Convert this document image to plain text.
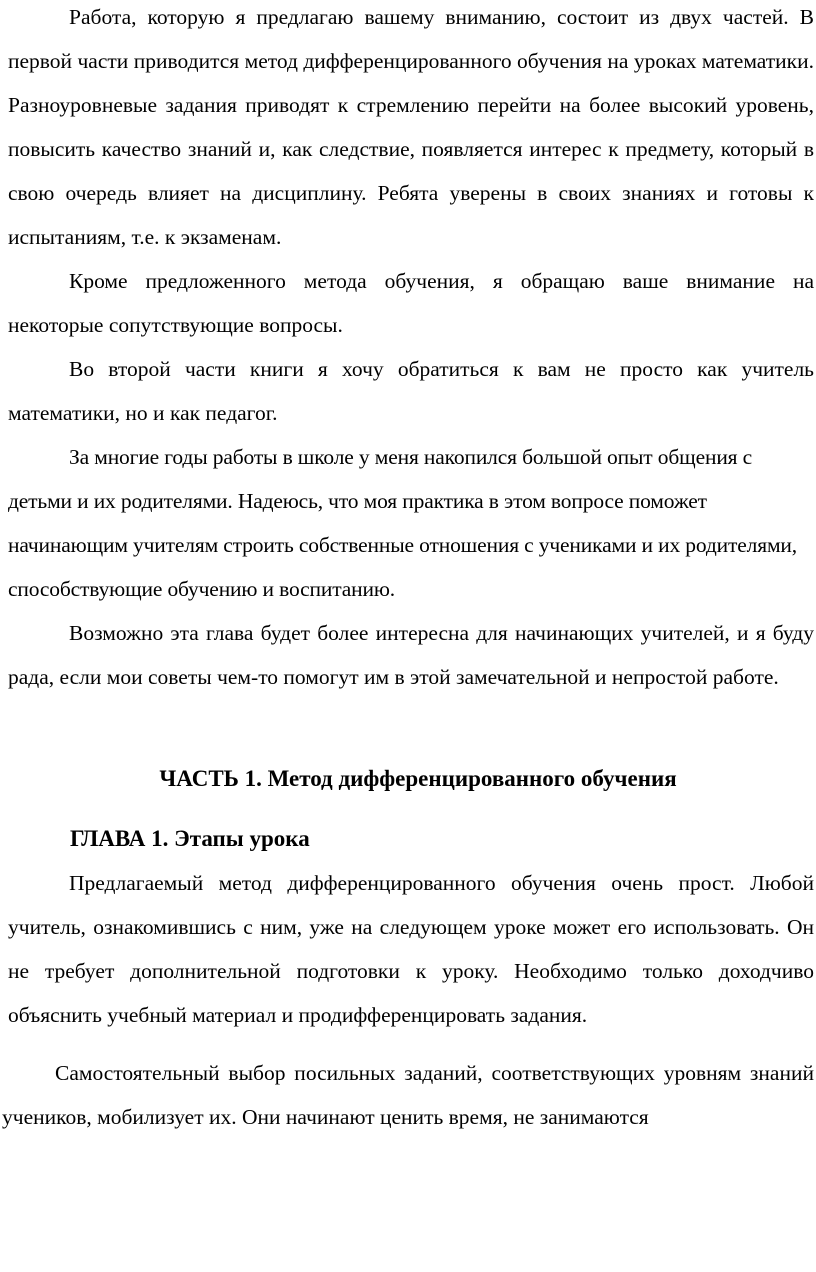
Работа, которую я предлагаю вашему вниманию, состоит из двух частей. В первой части приводится метод дифференцированного обучения на уроках математики. Разноуровневые задания приводят к стремлению перейти на более высокий уровень, повысить качество знаний и, как следствие, появляется интерес к предмету, который в свою очередь влияет на дисциплину. Ребята уверены в своих знаниях и готовы к испытаниям, т.е. к экзаменам.

Кроме предложенного метода обучения, я обращаю ваше внимание на некоторые сопутствующие вопросы.

Во второй части книги я хочу обратиться к вам не просто как учитель математики, но и как педагог.

За многие годы работы в школе у меня накопился большой опыт общения с детьми и их родителями. Надеюсь, что моя практика в этом вопросе поможет начинающим учителям строить собственные отношения с учениками и их родителями, способствующие обучению и воспитанию.

Возможно эта глава будет более интересна для начинающих учителей, и я буду рада, если мои советы чем-то помогут им в этой замечательной и непростой работе.

ЧАСТЬ 1. Метод дифференцированного обучения
ГЛАВА 1. Этапы урока

Предлагаемый метод дифференцированного обучения очень прост. Любой учитель, ознакомившись с ним, уже на следующем уроке может его использовать. Он не требует дополнительной подготовки к уроку. Необходимо только доходчиво объяснить учебный материал и продифференцировать задания.

Самостоятельный выбор посильных заданий, соответствующих уровням знаний учеников, мобилизует их. Они начинают ценить время, не занимаются
